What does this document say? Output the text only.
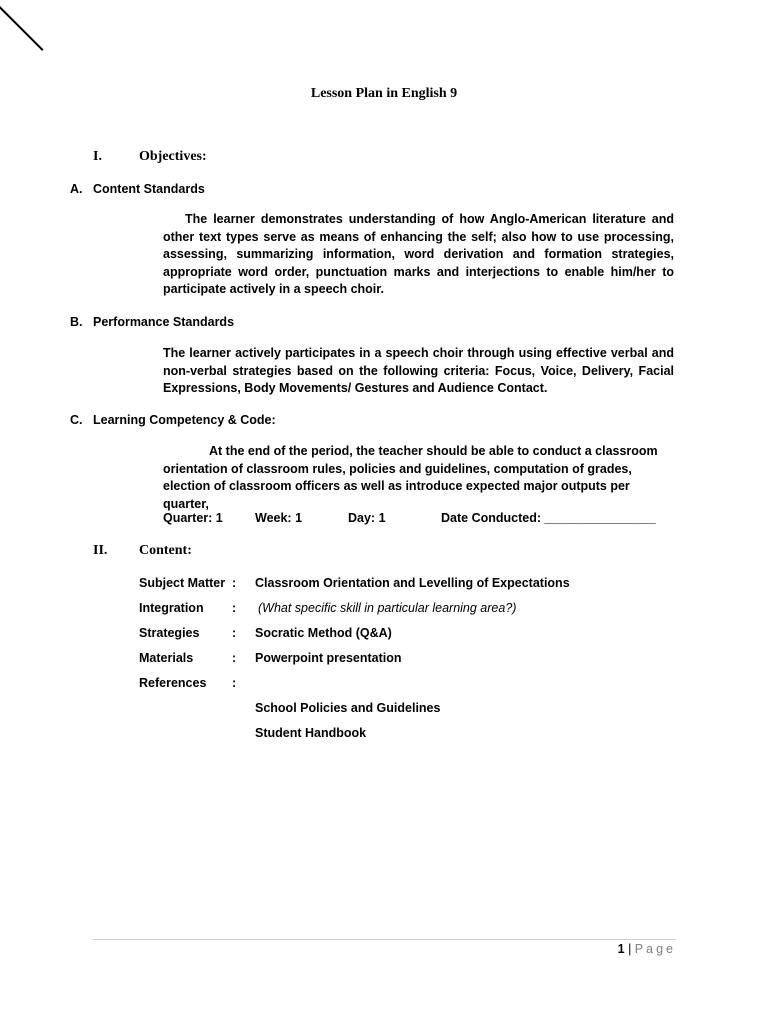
Lesson Plan in English 9
I.	Objectives:
A. Content Standards
The learner demonstrates understanding of how Anglo-American literature and other text types serve as means of enhancing the self; also how to use processing, assessing, summarizing information, word derivation and formation strategies, appropriate word order, punctuation marks and interjections to enable him/her to participate actively in a speech choir.
B. Performance Standards
The learner actively participates in a speech choir through using effective verbal and non-verbal strategies based on the following criteria: Focus, Voice, Delivery, Facial Expressions, Body Movements/ Gestures and Audience Contact.
C. Learning Competency & Code:
At the end of the period, the teacher should be able to conduct a classroom orientation of classroom rules, policies and guidelines, computation of grades, election of classroom officers as well as introduce expected major outputs per quarter,
Quarter: 1	Week: 1	Day: 1	Date Conducted: ________________
II. Content:
Subject Matter : Classroom Orientation and Levelling of Expectations
Integration : (What specific skill in particular learning area?)
Strategies	: Socratic Method (Q&A)
Materials	: Powerpoint presentation
References :
School Policies and Guidelines
Student Handbook
1 | Page
